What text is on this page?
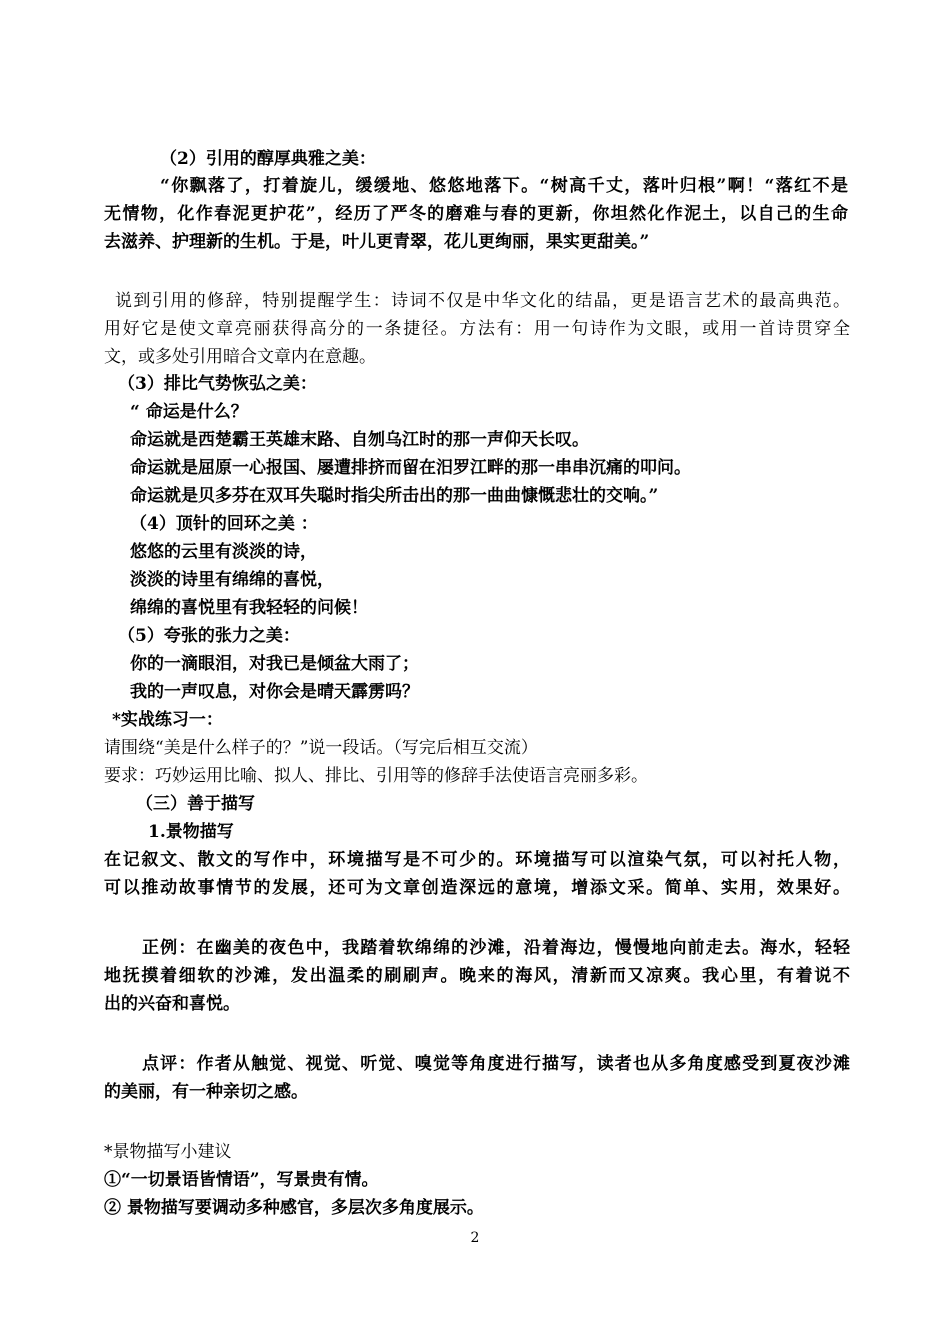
（2）引用的醇厚典雅之美：

“你飘落了，打着旋儿，缓缓地、悠悠地落下。“树高千丈，落叶归根”啊！“落红不是

无情物，化作春泥更护花”，经历了严冬的磨难与春的更新，你坦然化作泥土，以自己的生命

去滋养、护理新的生机。于是，叶儿更青翠，花儿更绚丽，果实更甜美。”

说到引用的修辞，特别提醒学生：诗词不仅是中华文化的结晶，更是语言艺术的最高典范。

用好它是使文章亮丽获得高分的一条捷径。方法有：用一句诗作为文眼，或用一首诗贯穿全

文，或多处引用暗合文章内在意趣。

（3）排比气势恢弘之美：

“ 命运是什么？

命运就是西楚霸王英雄末路、自刎乌江时的那一声仰天长叹。

命运就是屈原一心报国、屡遭排挤而留在汨罗江畔的那一串串沉痛的叩问。

命运就是贝多芬在双耳失聪时指尖所击出的那一曲曲慷慨悲壮的交响。”

（4）顶针的回环之美 ：

悠悠的云里有淡淡的诗，

淡淡的诗里有绵绵的喜悦，

绵绵的喜悦里有我轻轻的问候！

（5）夸张的张力之美：

你的一滴眼泪，对我已是倾盆大雨了；

我的一声叹息，对你会是晴天霹雳吗？

*实战练习一：

请围绕“美是什么样子的？”说一段话。（写完后相互交流）

要求：巧妙运用比喻、拟人、排比、引用等的修辞手法使语言亮丽多彩。

（三）善于描写

1.景物描写

在记叙文、散文的写作中，环境描写是不可少的。环境描写可以渲染气氛，可以衬托人物，

可以推动故事情节的发展，还可为文章创造深远的意境，增添文采。简单、实用，效果好。

正例：在幽美的夜色中，我踏着软绵绵的沙滩，沿着海边，慢慢地向前走去。海水，轻轻

地抚摸着细软的沙滩，发出温柔的刷刷声。晚来的海风，清新而又凉爽。我心里，有着说不

出的兴奋和喜悦。

点评：作者从触觉、视觉、听觉、嗅觉等角度进行描写，读者也从多角度感受到夏夜沙滩

的美丽，有一种亲切之感。

*景物描写小建议

①“一切景语皆情语”，写景贵有情。

② 景物描写要调动多种感官，多层次多角度展示。

2
